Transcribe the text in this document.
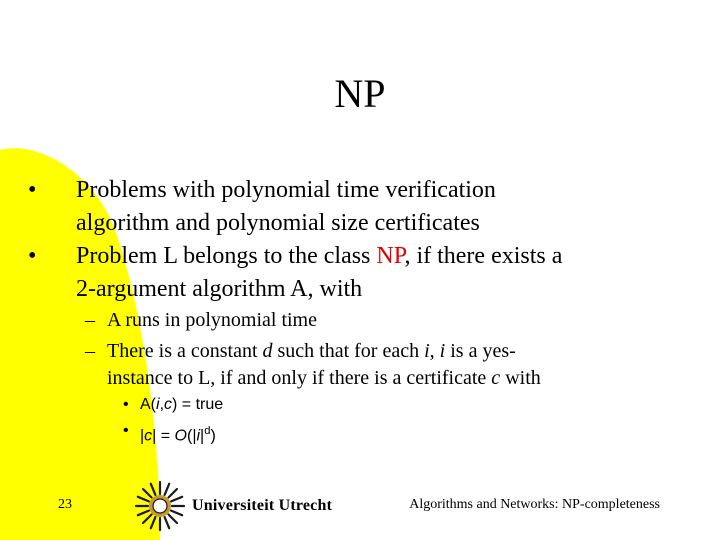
NP
•	Problems with polynomial time verification
algorithm and polynomial size certificates
•	Problem L belongs to the class NP, if there exists a
2-argument algorithm A, with
– A runs in polynomial time
– There is a constant d such that for each i, i is a yes-
instance to L, if and only if there is a certificate c with
• A(i,c) = true
• $|c| = O(|i|^d)$
23	Universiteit Utrecht	Algorithms and Networks: NP-completeness
